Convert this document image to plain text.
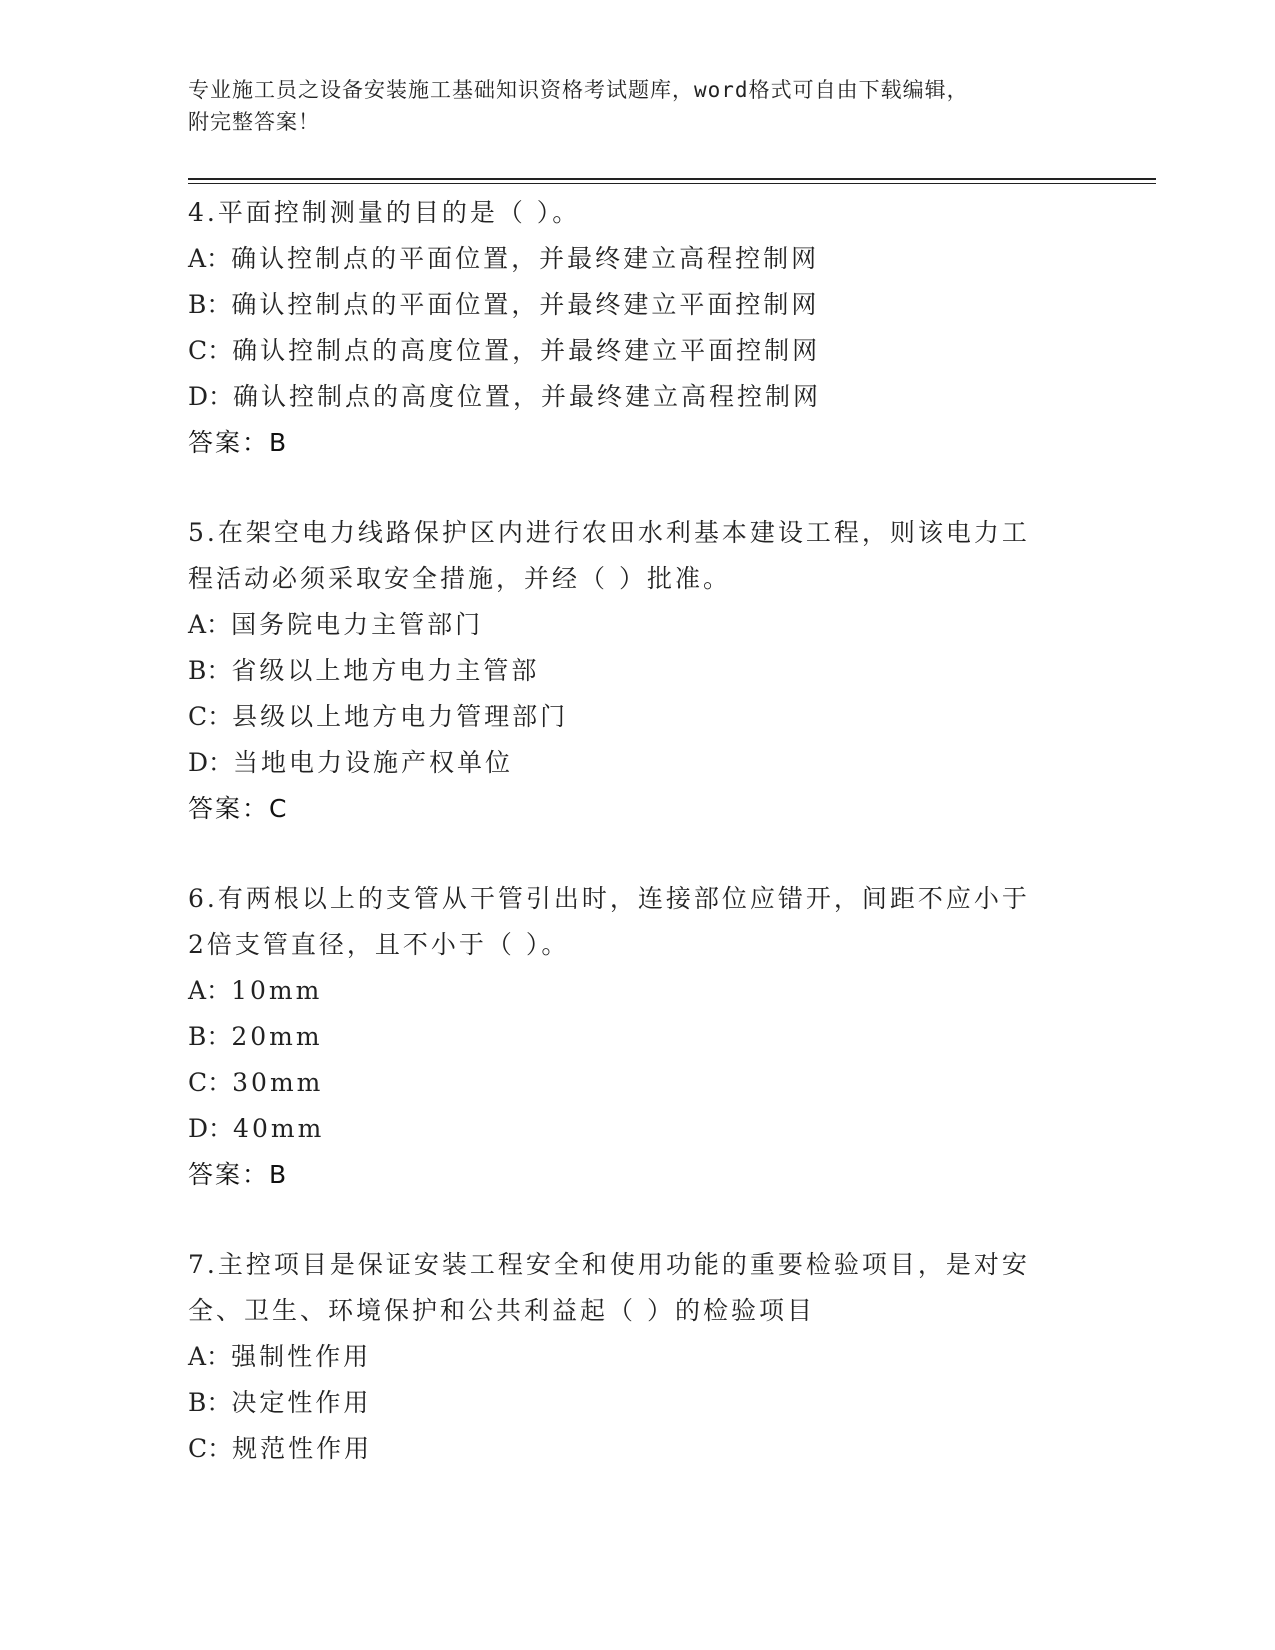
专业施工员之设备安装施工基础知识资格考试题库，word格式可自由下载编辑，
附完整答案！
4.平面控制测量的目的是（ ）。
A：确认控制点的平面位置，并最终建立高程控制网
B：确认控制点的平面位置，并最终建立平面控制网
C：确认控制点的高度位置，并最终建立平面控制网
D：确认控制点的高度位置，并最终建立高程控制网
答案：B
5.在架空电力线路保护区内进行农田水利基本建设工程，则该电力工
程活动必须采取安全措施，并经（ ）批准。
A：国务院电力主管部门
B：省级以上地方电力主管部
C：县级以上地方电力管理部门
D：当地电力设施产权单位
答案：C
6.有两根以上的支管从干管引出时，连接部位应错开，间距不应小于
2倍支管直径，且不小于（ ）。
A：10mm
B：20mm
C：30mm
D：40mm
答案：B
7.主控项目是保证安装工程安全和使用功能的重要检验项目，是对安
全、卫生、环境保护和公共利益起（ ）的检验项目
A：强制性作用
B：决定性作用
C：规范性作用
